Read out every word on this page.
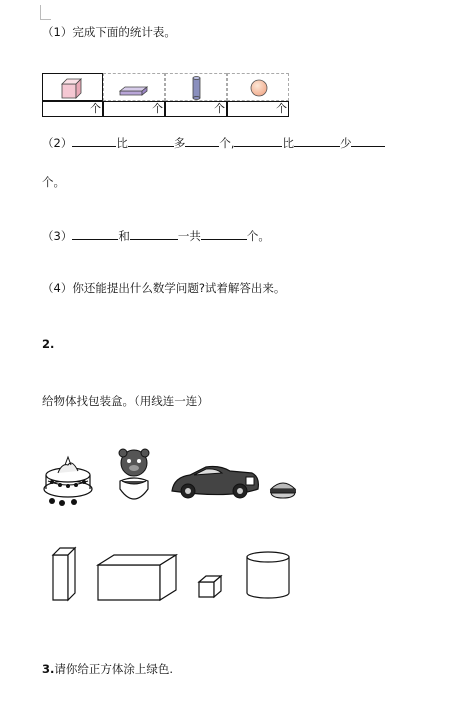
（1）完成下面的统计表。
个	个	个	个
（2）	比	多	个,	比	少
个。
（3）	和	一共	个。
（4）你还能提出什么数学问题?试着解答出来。
2.
给物体找包装盒。（用线连一连）
3.请你给正方体涂上绿色.
